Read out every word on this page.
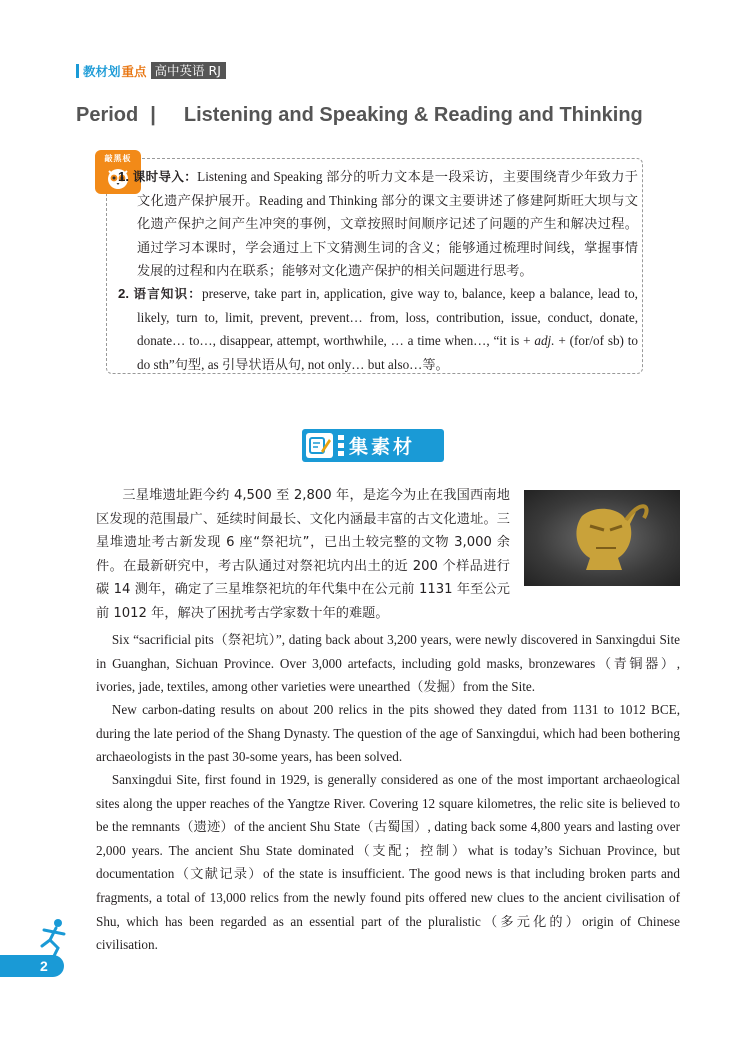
教材划 重点 高中英语 RJ
Period | Listening and Speaking & Reading and Thinking
敲黑板

1. 课时导入：Listening and Speaking 部分的听力文本是一段采访，主要围绕青少年致力于文化遗产保护展开。Reading and Thinking 部分的课文主要讲述了修建阿斯旺大坝与文化遗产保护之间产生冲突的事例，文章按照时间顺序记述了问题的产生和解决过程。通过学习本课时，学会通过上下文猜测生词的含义；能够通过梳理时间线，掌握事情发展的过程和内在联系；能够对文化遗产保护的相关问题进行思考。

2. 语言知识：preserve, take part in, application, give way to, balance, keep a balance, lead to, likely, turn to, limit, prevent, prevent… from, loss, contribution, issue, conduct, donate, donate… to…, disappear, attempt, worthwhile, … a time when…, “it is + adj. + (for/of sb) to do sth”句型, as 引导状语从句, not only… but also…等。

集素材

三星堆遗址距今约 4,500 至 2,800 年，是迄今为止在我国西南地区发现的范围最广、延续时间最长、文化内涵最丰富的古文化遗址。三星堆遗址考古新发现 6 座“祭祀坑”，已出土较完整的文物 3,000 余件。在最新研究中，考古队通过对祭祀坑内出土的近 200 个样品进行碳 14 测年，确定了三星堆祭祀坑的年代集中在公元前 1131 年至公元前 1012 年，解决了困扰考古学家数十年的难题。

Six “sacrificial pits（祭祀坑）”, dating back about 3,200 years, were newly discovered in Sanxingdui Site in Guanghan, Sichuan Province. Over 3,000 artefacts, including gold masks, bronzewares（青铜器）, ivories, jade, textiles, among other varieties were unearthed（发掘）from the Site.

New carbon-dating results on about 200 relics in the pits showed they dated from 1131 to 1012 BCE, during the late period of the Shang Dynasty. The question of the age of Sanxingdui, which had been bothering archaeologists in the past 30-some years, has been solved.

Sanxingdui Site, first found in 1929, is generally considered as one of the most important archaeological sites along the upper reaches of the Yangtze River. Covering 12 square kilometres, the relic site is believed to be the remnants（遗迹）of the ancient Shu State（古蜀国）, dating back some 4,800 years and lasting over 2,000 years. The ancient Shu State dominated（支配；控制）what is today’s Sichuan Province, but documentation（文献记录）of the state is insufficient. The good news is that including broken parts and fragments, a total of 13,000 relics from the newly found pits offered new clues to the ancient civilisation of Shu, which has been regarded as an essential part of the pluralistic（多元化的）origin of Chinese civilisation.

2
